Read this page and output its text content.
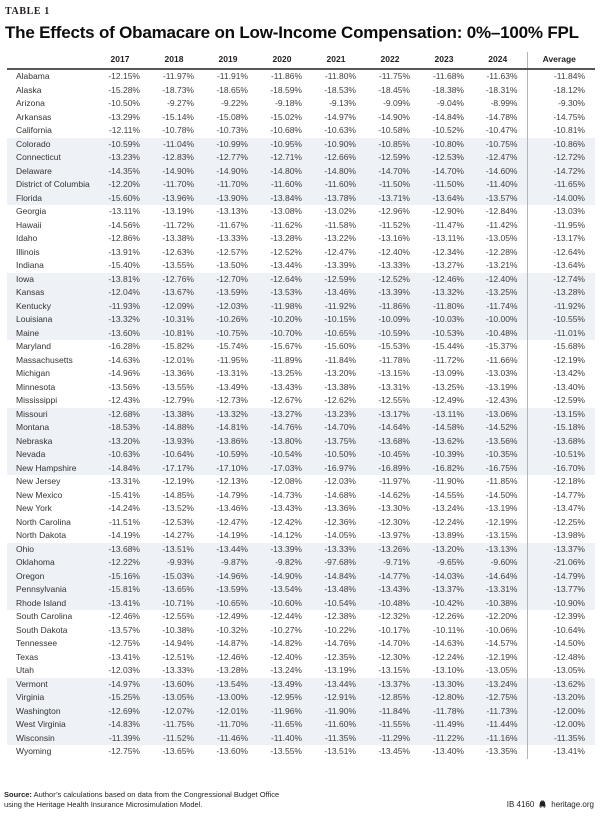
TABLE 1
The Effects of Obamacare on Low-Income Compensation: 0%–100% FPL
	2017	2018	2019	2020	2021	2022	2023	2024	Average
Alabama	-12.15%	-11.97%	-11.91%	-11.86%	-11.80%	-11.75%	-11.68%	-11.63%	-11.84%
Alaska	-15.28%	-18.73%	-18.65%	-18.59%	-18.53%	-18.45%	-18.38%	-18.31%	-18.12%
Arizona	-10.50%	-9.27%	-9.22%	-9.18%	-9.13%	-9.09%	-9.04%	-8.99%	-9.30%
Arkansas	-13.29%	-15.14%	-15.08%	-15.02%	-14.97%	-14.90%	-14.84%	-14.78%	-14.75%
California	-12.11%	-10.78%	-10.73%	-10.68%	-10.63%	-10.58%	-10.52%	-10.47%	-10.81%
Colorado	-10.59%	-11.04%	-10.99%	-10.95%	-10.90%	-10.85%	-10.80%	-10.75%	-10.86%
Connecticut	-13.23%	-12.83%	-12.77%	-12.71%	-12.66%	-12.59%	-12.53%	-12.47%	-12.72%
Delaware	-14.35%	-14.90%	-14.90%	-14.80%	-14.80%	-14.70%	-14.70%	-14.60%	-14.72%
District of Columbia	-12.20%	-11.70%	-11.70%	-11.60%	-11.60%	-11.50%	-11.50%	-11.40%	-11.65%
Florida	-15.60%	-13.96%	-13.90%	-13.84%	-13.78%	-13.71%	-13.64%	-13.57%	-14.00%
Georgia	-13.11%	-13.19%	-13.13%	-13.08%	-13.02%	-12.96%	-12.90%	-12.84%	-13.03%
Hawaii	-14.56%	-11.72%	-11.67%	-11.62%	-11.58%	-11.52%	-11.47%	-11.42%	-11.95%
Idaho	-12.86%	-13.38%	-13.33%	-13.28%	-13.22%	-13.16%	-13.11%	-13.05%	-13.17%
Illinois	-13.91%	-12.63%	-12.57%	-12.52%	-12.47%	-12.40%	-12.34%	-12.28%	-12.64%
Indiana	-15.40%	-13.55%	-13.50%	-13.44%	-13.39%	-13.33%	-13.27%	-13.21%	-13.64%
Iowa	-13.81%	-12.76%	-12.70%	-12.64%	-12.59%	-12.52%	-12.46%	-12.40%	-12.74%
Kansas	-12.04%	-13.67%	-13.59%	-13.53%	-13.46%	-13.39%	-13.32%	-13.25%	-13.28%
Kentucky	-11.93%	-12.09%	-12.03%	-11.98%	-11.92%	-11.86%	-11.80%	-11.74%	-11.92%
Louisiana	-13.32%	-10.31%	-10.26%	-10.20%	-10.15%	-10.09%	-10.03%	-10.00%	-10.55%
Maine	-13.60%	-10.81%	-10.75%	-10.70%	-10.65%	-10.59%	-10.53%	-10.48%	-11.01%
Maryland	-16.28%	-15.82%	-15.74%	-15.67%	-15.60%	-15.53%	-15.44%	-15.37%	-15.68%
Massachusetts	-14.63%	-12.01%	-11.95%	-11.89%	-11.84%	-11.78%	-11.72%	-11.66%	-12.19%
Michigan	-14.96%	-13.36%	-13.31%	-13.25%	-13.20%	-13.15%	-13.09%	-13.03%	-13.42%
Minnesota	-13.56%	-13.55%	-13.49%	-13.43%	-13.38%	-13.31%	-13.25%	-13.19%	-13.40%
Mississippi	-12.43%	-12.79%	-12.73%	-12.67%	-12.62%	-12.55%	-12.49%	-12.43%	-12.59%
Missouri	-12.68%	-13.38%	-13.32%	-13.27%	-13.23%	-13.17%	-13.11%	-13.06%	-13.15%
Montana	-18.53%	-14.88%	-14.81%	-14.76%	-14.70%	-14.64%	-14.58%	-14.52%	-15.18%
Nebraska	-13.20%	-13.93%	-13.86%	-13.80%	-13.75%	-13.68%	-13.62%	-13.56%	-13.68%
Nevada	-10.63%	-10.64%	-10.59%	-10.54%	-10.50%	-10.45%	-10.39%	-10.35%	-10.51%
New Hampshire	-14.84%	-17.17%	-17.10%	-17.03%	-16.97%	-16.89%	-16.82%	-16.75%	-16.70%
New Jersey	-13.31%	-12.19%	-12.13%	-12.08%	-12.03%	-11.97%	-11.90%	-11.85%	-12.18%
New Mexico	-15.41%	-14.85%	-14.79%	-14.73%	-14.68%	-14.62%	-14.55%	-14.50%	-14.77%
New York	-14.24%	-13.52%	-13.46%	-13.43%	-13.36%	-13.30%	-13.24%	-13.19%	-13.47%
North Carolina	-11.51%	-12.53%	-12.47%	-12.42%	-12.36%	-12.30%	-12.24%	-12.19%	-12.25%
North Dakota	-14.19%	-14.27%	-14.19%	-14.12%	-14.05%	-13.97%	-13.89%	-13.15%	-13.98%
Ohio	-13.68%	-13.51%	-13.44%	-13.39%	-13.33%	-13.26%	-13.20%	-13.13%	-13.37%
Oklahoma	-12.22%	-9.93%	-9.87%	-9.82%	-97.68%	-9.71%	-9.65%	-9.60%	-21.06%
Oregon	-15.16%	-15.03%	-14.96%	-14.90%	-14.84%	-14.77%	-14.03%	-14.64%	-14.79%
Pennsylvania	-15.81%	-13.65%	-13.59%	-13.54%	-13.48%	-13.43%	-13.37%	-13.31%	-13.77%
Rhode Island	-13.41%	-10.71%	-10.65%	-10.60%	-10.54%	-10.48%	-10.42%	-10.38%	-10.90%
South Carolina	-12.46%	-12.55%	-12.49%	-12.44%	-12.38%	-12.32%	-12.26%	-12.20%	-12.39%
South Dakota	-13.57%	-10.38%	-10.32%	-10.27%	-10.22%	-10.17%	-10.11%	-10.06%	-10.64%
Tennessee	-12.75%	-14.94%	-14.87%	-14.82%	-14.76%	-14.70%	-14.63%	-14.57%	-14.50%
Texas	-13.41%	-12.51%	-12.46%	-12.40%	-12.35%	-12.30%	-12.24%	-12.19%	-12.48%
Utah	-12.03%	-13.33%	-13.28%	-13.24%	-13.19%	-13.15%	-13.10%	-13.05%	-13.05%
Vermont	-14.97%	-13.60%	-13.54%	-13.49%	-13.44%	-13.37%	-13.30%	-13.24%	-13.62%
Virginia	-15.25%	-13.05%	-13.00%	-12.95%	-12.91%	-12.85%	-12.80%	-12.75%	-13.20%
Washington	-12.69%	-12.07%	-12.01%	-11.96%	-11.90%	-11.84%	-11.78%	-11.73%	-12.00%
West Virginia	-14.83%	-11.75%	-11.70%	-11.65%	-11.60%	-11.55%	-11.49%	-11.44%	-12.00%
Wisconsin	-11.39%	-11.52%	-11.46%	-11.40%	-11.35%	-11.29%	-11.22%	-11.16%	-11.35%
Wyoming	-12.75%	-13.65%	-13.60%	-13.55%	-13.51%	-13.45%	-13.40%	-13.35%	-13.41%
Source: Author’s calculations based on data from the Congressional Budget Office
using the Heritage Health Insurance Microsimulation Model.	IB 4160 heritage.org
